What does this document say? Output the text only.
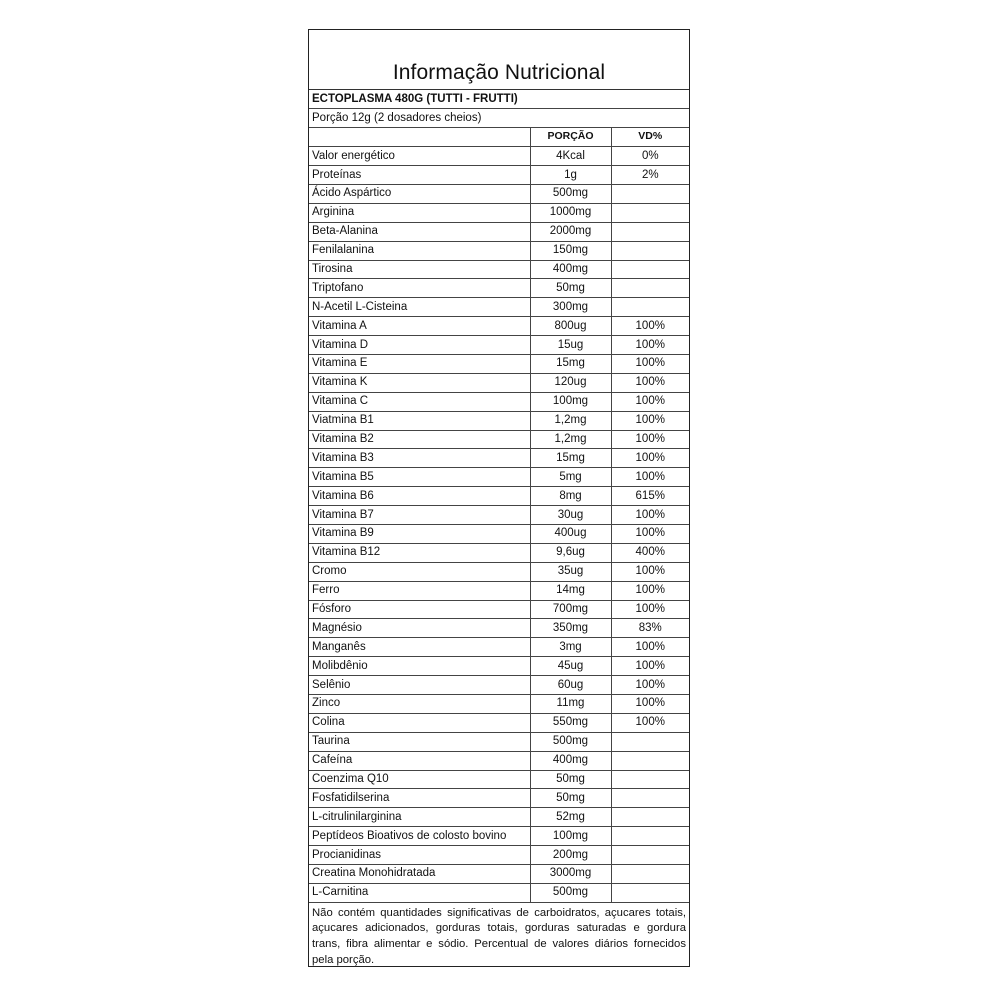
Informação Nutricional
ECTOPLASMA 480G (TUTTI - FRUTTI)
Porção 12g (2 dosadores cheios)
	PORÇÃO	VD%
Valor energético	4Kcal	0%
Proteínas	1g	2%
Ácido Aspártico	500mg	
Arginina	1000mg	
Beta-Alanina	2000mg	
Fenilalanina	150mg	
Tirosina	400mg	
Triptofano	50mg	
N-Acetil L-Cisteina	300mg	
Vitamina A	800ug	100%
Vitamina D	15ug	100%
Vitamina E	15mg	100%
Vitamina K	120ug	100%
Vitamina C	100mg	100%
Viatmina B1	1,2mg	100%
Vitamina B2	1,2mg	100%
Vitamina B3	15mg	100%
Vitamina B5	5mg	100%
Vitamina B6	8mg	615%
Vitamina B7	30ug	100%
Vitamina B9	400ug	100%
Vitamina B12	9,6ug	400%
Cromo	35ug	100%
Ferro	14mg	100%
Fósforo	700mg	100%
Magnésio	350mg	83%
Manganês	3mg	100%
Molibdênio	45ug	100%
Selênio	60ug	100%
Zinco	11mg	100%
Colina	550mg	100%
Taurina	500mg	
Cafeína	400mg	
Coenzima Q10	50mg	
Fosfatidilserina	50mg	
L-citrulinilarginina	52mg	
Peptídeos Bioativos de colosto bovino	100mg	
Procianidinas	200mg	
Creatina Monohidratada	3000mg	
L-Carnitina	500mg	
Não contém quantidades significativas de carboidratos, açucares totais, açucares adicionados, gorduras totais, gorduras saturadas e gordura trans, fibra alimentar e sódio. Percentual de valores diários fornecidos pela porção.
